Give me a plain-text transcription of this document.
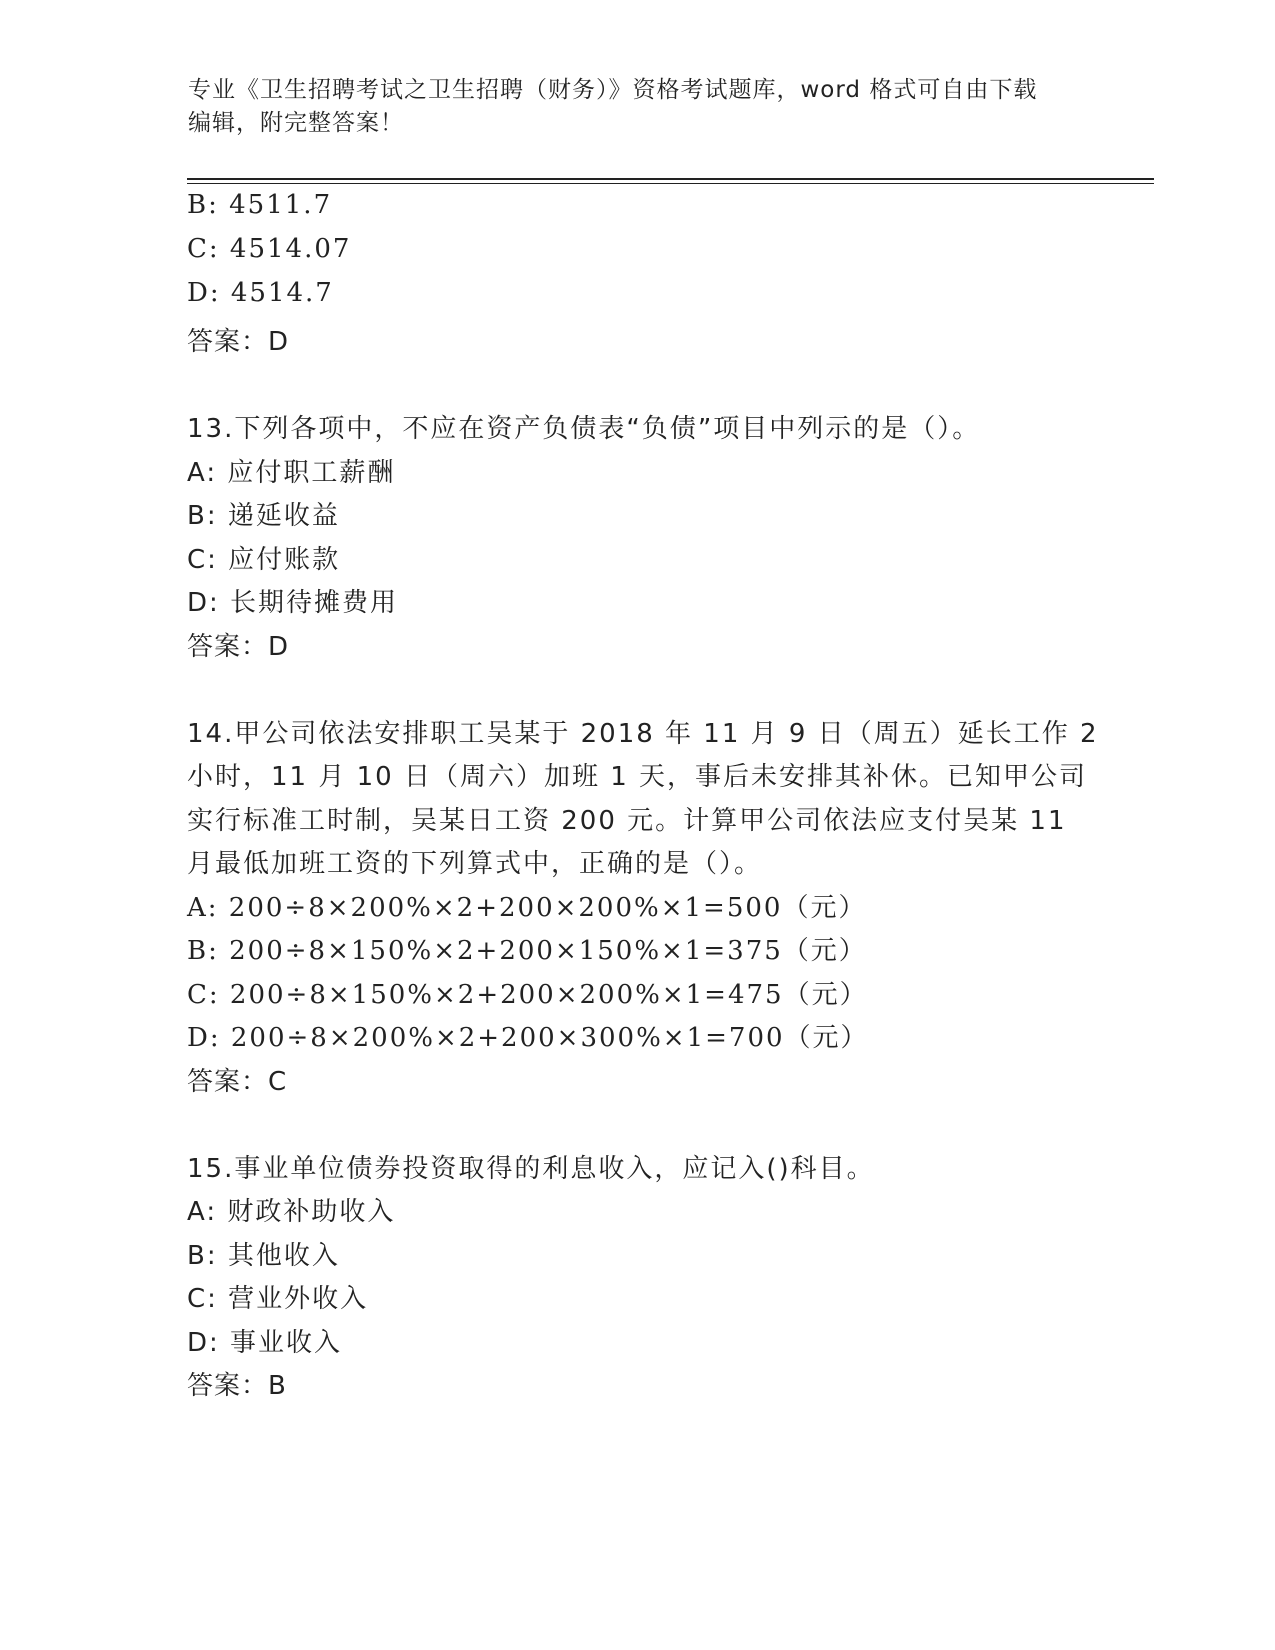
专业《卫生招聘考试之卫生招聘（财务）》资格考试题库，word 格式可自由下载
编辑，附完整答案！
B: 4511.7
C: 4514.07
D: 4514.7
答案：D
13.下列各项中，不应在资产负债表“负债”项目中列示的是（）。
A: 应付职工薪酬
B: 递延收益
C: 应付账款
D: 长期待摊费用
答案：D
14.甲公司依法安排职工吴某于 2018 年 11 月 9 日（周五）延长工作 2
小时，11 月 10 日（周六）加班 1 天，事后未安排其补休。已知甲公司
实行标准工时制，吴某日工资 200 元。计算甲公司依法应支付吴某 11
月最低加班工资的下列算式中，正确的是（）。
A: 200÷8×200%×2+200×200%×1=500（元）
B: 200÷8×150%×2+200×150%×1=375（元）
C: 200÷8×150%×2+200×200%×1=475（元）
D: 200÷8×200%×2+200×300%×1=700（元）
答案：C
15.事业单位债券投资取得的利息收入，应记入()科目。
A: 财政补助收入
B: 其他收入
C: 营业外收入
D: 事业收入
答案：B
